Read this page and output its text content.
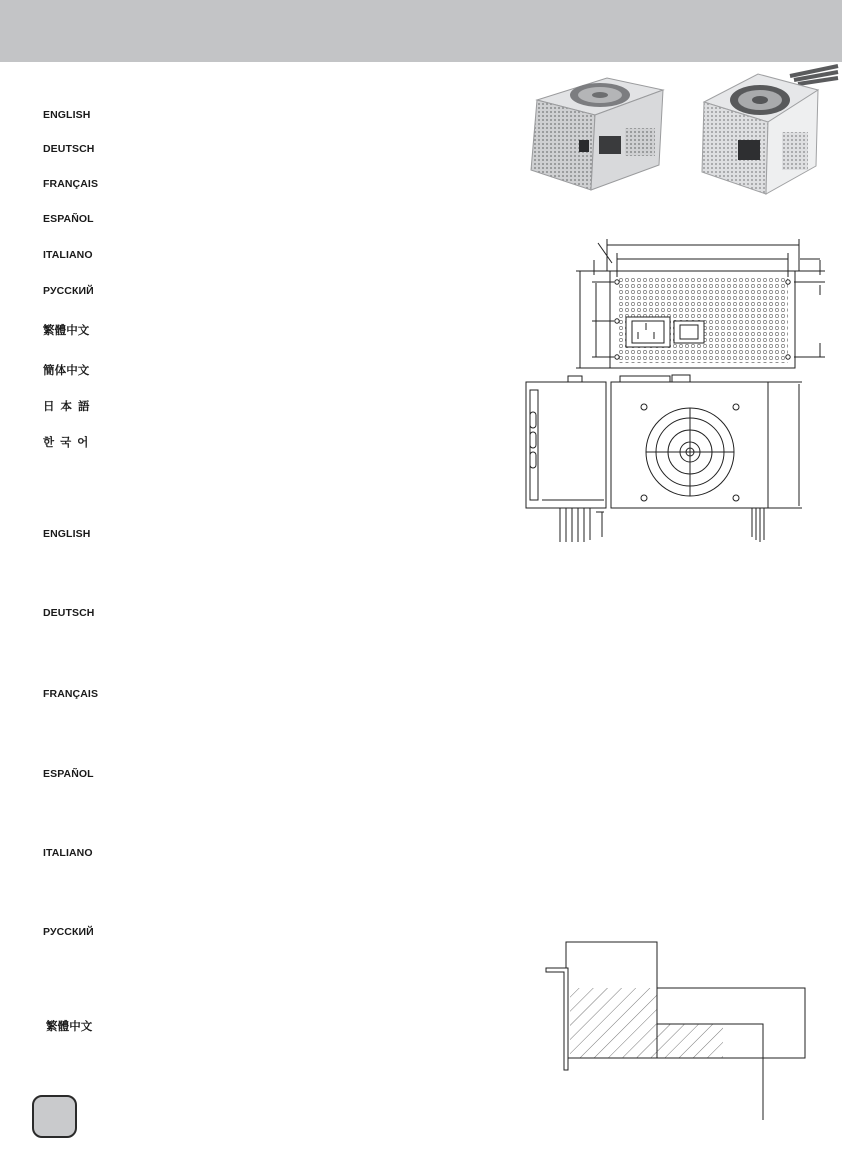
ENGLISH
DEUTSCH
FRANÇAIS
ESPAÑOL
ITALIANO
РУССКИЙ
繁體中文
簡体中文
日本語
한국어
ENGLISH
DEUTSCH
FRANÇAIS
ESPAÑOL
ITALIANO
РУССКИЙ
繁體中文
